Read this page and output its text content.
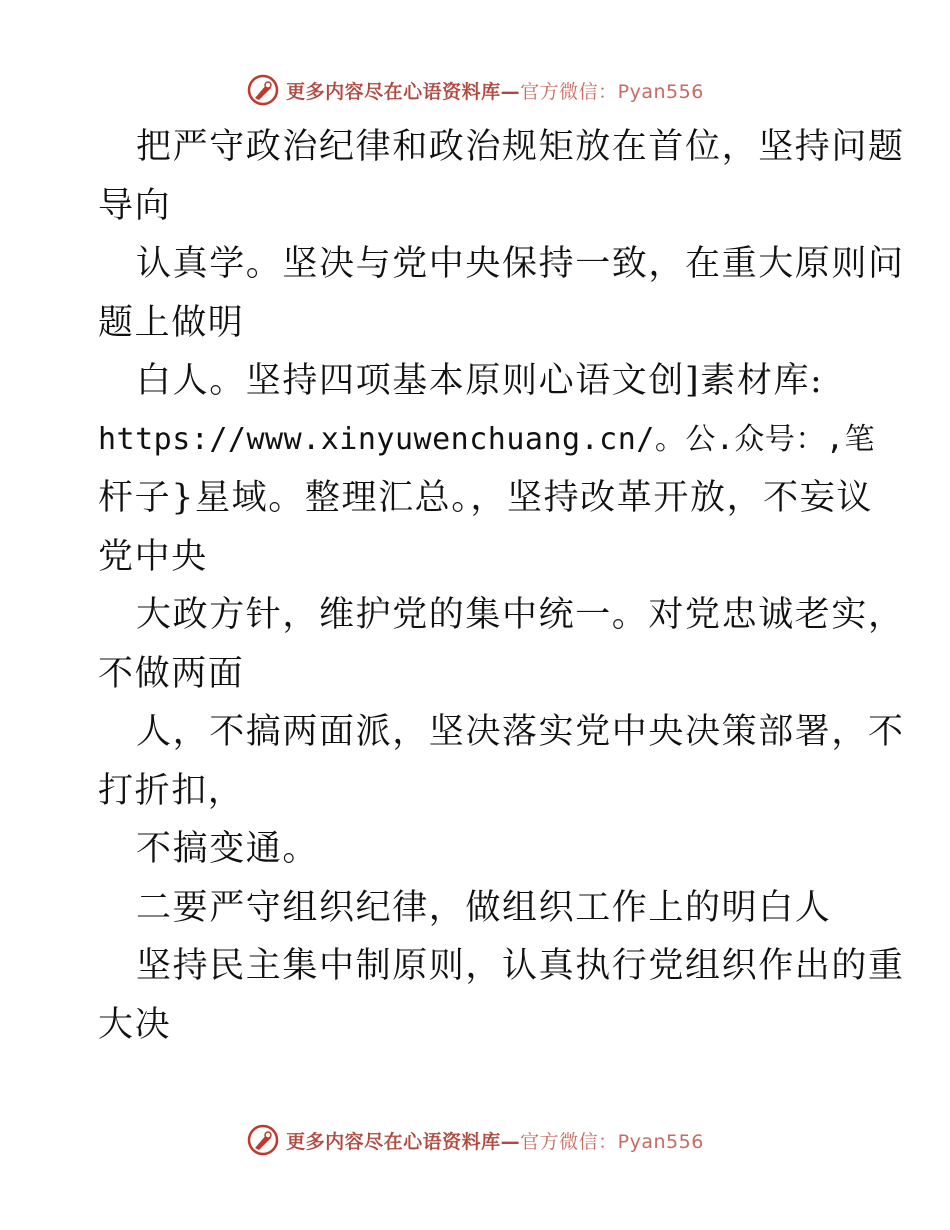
更多内容尽在心语资料库—官方微信：Pyan556
把严守政治纪律和政治规矩放在首位，坚持问题
导向
认真学。坚决与党中央保持一致，在重大原则问
题上做明
白人。坚持四项基本原则心语文创]素材库:
https://www.xinyuwenchuang.cn/。公.众号：,笔
杆子}星域。整理汇总。，坚持改革开放，不妄议
党中央
大政方针，维护党的集中统一。对党忠诚老实，
不做两面
人，不搞两面派，坚决落实党中央决策部署，不
打折扣，
不搞变通。
二要严守组织纪律，做组织工作上的明白人
坚持民主集中制原则，认真执行党组织作出的重
大决
更多内容尽在心语资料库—官方微信：Pyan556
